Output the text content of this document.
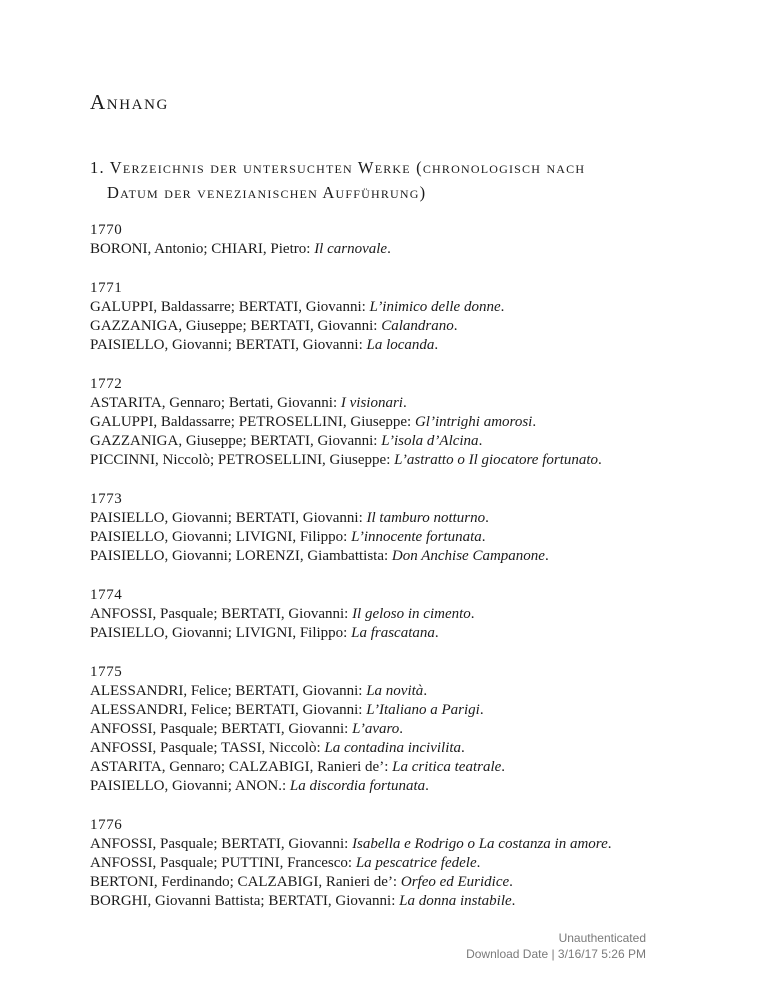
Anhang
1. Verzeichnis der untersuchten Werke (chronologisch nach
Datum der venezianischen Aufführung)
1770
BORONI, Antonio; CHIARI, Pietro: Il carnovale.
1771
GALUPPI, Baldassarre; BERTATI, Giovanni: L’inimico delle donne.
GAZZANIGA, Giuseppe; BERTATI, Giovanni: Calandrano.
PAISIELLO, Giovanni; BERTATI, Giovanni: La locanda.
1772
ASTARITA, Gennaro; Bertati, Giovanni: I visionari.
GALUPPI, Baldassarre; PETROSELLINI, Giuseppe: Gl’intrighi amorosi.
GAZZANIGA, Giuseppe; BERTATI, Giovanni: L’isola d’Alcina.
PICCINNI, Niccolò; PETROSELLINI, Giuseppe: L’astratto o Il giocatore fortunato.
1773
PAISIELLO, Giovanni; BERTATI, Giovanni: Il tamburo notturno.
PAISIELLO, Giovanni; LIVIGNI, Filippo: L’innocente fortunata.
PAISIELLO, Giovanni; LORENZI, Giambattista: Don Anchise Campanone.
1774
ANFOSSI, Pasquale; BERTATI, Giovanni: Il geloso in cimento.
PAISIELLO, Giovanni; LIVIGNI, Filippo: La frascatana.
1775
ALESSANDRI, Felice; BERTATI, Giovanni: La novità.
ALESSANDRI, Felice; BERTATI, Giovanni: L’Italiano a Parigi.
ANFOSSI, Pasquale; BERTATI, Giovanni: L’avaro.
ANFOSSI, Pasquale; TASSI, Niccolò: La contadina incivilita.
ASTARITA, Gennaro; CALZABIGI, Ranieri de’: La critica teatrale.
PAISIELLO, Giovanni; ANON.: La discordia fortunata.
1776
ANFOSSI, Pasquale; BERTATI, Giovanni: Isabella e Rodrigo o La costanza in amore.
ANFOSSI, Pasquale; PUTTINI, Francesco: La pescatrice fedele.
BERTONI, Ferdinando; CALZABIGI, Ranieri de’: Orfeo ed Euridice.
BORGHI, Giovanni Battista; BERTATI, Giovanni: La donna instabile.
Unauthenticated
Download Date | 3/16/17 5:26 PM
